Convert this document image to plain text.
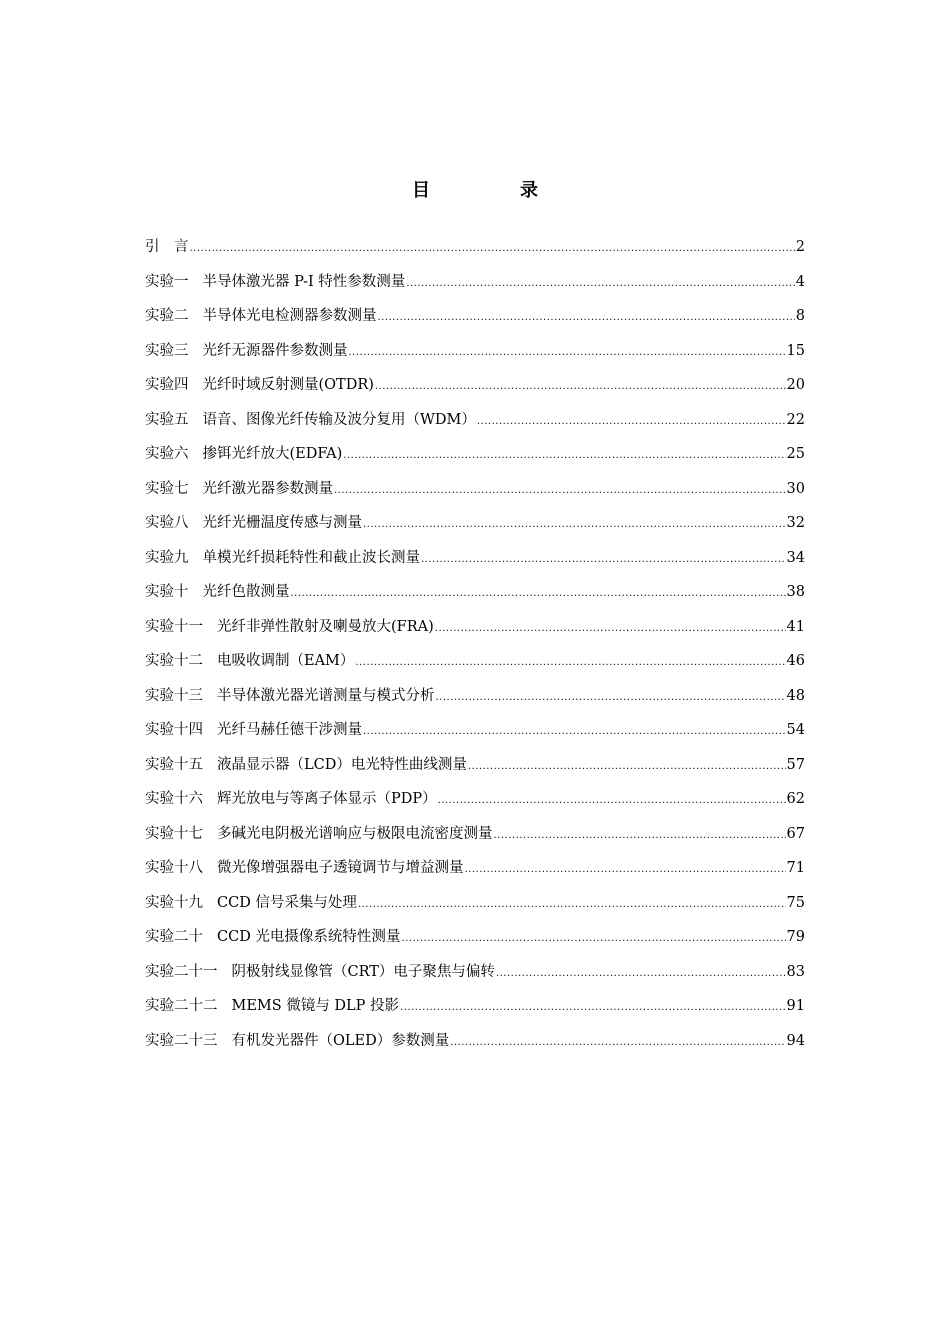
目	录
引　言 .....	2
实验一 半导体激光器 P-I 特性参数测量 .....	4
实验二 半导体光电检测器参数测量 .....	8
实验三 光纤无源器件参数测量 .....	15
实验四 光纤时域反射测量(OTDR) .....	20
实验五 语音、图像光纤传输及波分复用（WDM） .....	22
实验六 掺铒光纤放大(EDFA) .....	25
实验七 光纤激光器参数测量 .....	30
实验八 光纤光栅温度传感与测量 .....	32
实验九 单模光纤损耗特性和截止波长测量 .....	34
实验十 光纤色散测量 .....	38
实验十一 光纤非弹性散射及喇曼放大(FRA) .....	41
实验十二 电吸收调制（EAM） .....	46
实验十三 半导体激光器光谱测量与模式分析 .....	48
实验十四 光纤马赫任德干涉测量 .....	54
实验十五 液晶显示器（LCD）电光特性曲线测量 .....	57
实验十六 辉光放电与等离子体显示（PDP） .....	62
实验十七 多碱光电阴极光谱响应与极限电流密度测量 .....	67
实验十八 微光像增强器电子透镜调节与增益测量 .....	71
实验十九 CCD 信号采集与处理 .....	75
实验二十 CCD 光电摄像系统特性测量 .....	79
实验二十一 阴极射线显像管（CRT）电子聚焦与偏转 .....	83
实验二十二 MEMS 微镜与 DLP 投影 .....	91
实验二十三 有机发光器件（OLED）参数测量 .....	94
